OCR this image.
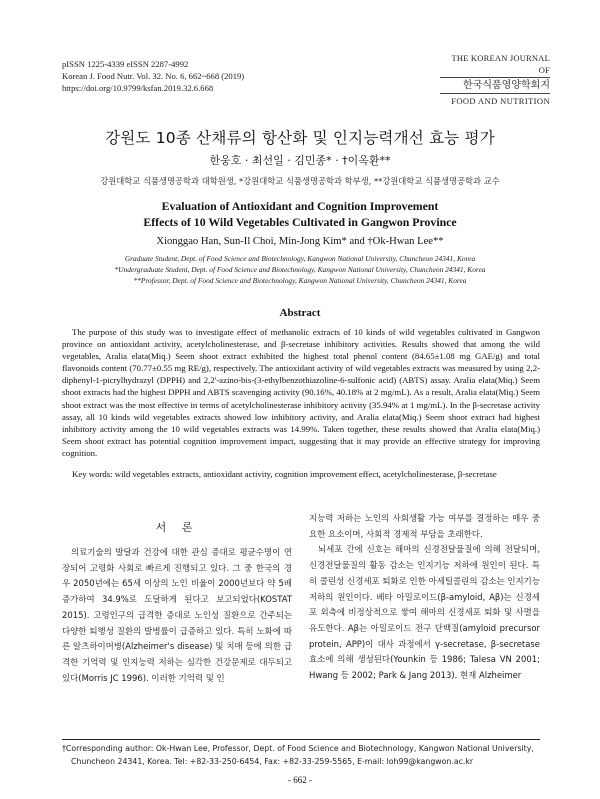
pISSN 1225-4339 eISSN 2287-4992
Korean J. Food Nutr. Vol. 32. No. 6, 662~668 (2019)
https://doi.org/10.9799/ksfan.2019.32.6.668
THE KOREAN JOURNAL OF
한국식품영양학회지
FOOD AND NUTRITION
강원도 10종 산채류의 항산화 및 인지능력개선 효능 평가
한웅호 · 최선일 · 김민종* · †이옥환**
강원대학교 식품생명공학과 대학원생, *강원대학교 식품생명공학과 학부생, **강원대학교 식품생명공학과 교수
Evaluation of Antioxidant and Cognition Improvement
Effects of 10 Wild Vegetables Cultivated in Gangwon Province
Xionggao Han, Sun-Il Choi, Min-Jong Kim* and †Ok-Hwan Lee**
Graduate Student, Dept. of Food Science and Biotechnology, Kangwon National University, Chuncheon 24341, Korea
*Undergraduate Student, Dept. of Food Science and Biotechnology, Kangwon National University, Chuncheon 24341, Korea
**Professor, Dept. of Food Science and Biotechnology, Kangwon National University, Chuncheon 24341, Korea
Abstract
The purpose of this study was to investigate effect of methanolic extracts of 10 kinds of wild vegetables cultivated in Gangwon province on antioxidant activity, acetylcholinesterase, and β-secretase inhibitory activities. Results showed that among the wild vegetables, Aralia elata(Miq.) Seem shoot extract exhibited the highest total phenol content (84.65±1.08 mg GAE/g) and total flavonoids content (70.77±0.55 mg RE/g), respectively. The antioxidant activity of wild vegetables extracts was measured by using 2,2-diphenyl-1-picrylhydrazyl (DPPH) and 2,2'-azino-bis-(3-ethylbenzothiazoline-6-sulfonic acid) (ABTS) assay. Aralia elata(Miq.) Seem shoot extracts had the highest DPPH and ABTS scavenging activity (90.16%, 40.18% at 2 mg/mL). As a result, Aralia elata(Miq.) Seem shoot extract was the most effective in terms of acetylcholinesterase inhibitory activity (35.94% at 1 mg/mL). In the β-secretase activity assay, all 10 kinds wild vegetables extracts showed low inhibitory activity, and Aralia elata(Miq.) Seem shoot extract had highest inhibitory activity among the 10 wild vegetables extracts was 14.99%. Taken together, these results showed that Aralia elata(Miq.) Seem shoot extract has potential cognition improvement impact, suggesting that it may provide an effective strategy for improving cognition.
Key words: wild vegetables extracts, antioxidant activity, cognition improvement effect, acetylcholinesterase, β-secretase
서 론

의료기술의 발달과 건강에 대한 관심 증대로 평균수명이 연장되어 고령화 사회로 빠르게 진행되고 있다. 그 중 한국의 경우 2050년에는 65세 이상의 노인 비율이 2000년보다 약 5배 증가하여 34.9%로 도달하게 된다고 보고되었다(KOSTAT 2015). 고령인구의 급격한 증대로 노인성 질환으로 간주되는 다양한 퇴행성 질환의 발병률이 급증하고 있다. 특히 노화에 따른 알츠하이머병(Alzheimer's disease) 및 치매 등에 의한 급격한 기억력 및 인지능력 저하는 심각한 건강문제로 대두되고 있다(Morris JC 1996). 이러한 기억력 및 인

지능력 저하는 노인의 사회생활 가능 여부를 결정하는 매우 중요한 요소이며, 사회적 경제적 부담을 초래한다.

뇌세포 간에 신호는 해마의 신경전달물질에 의해 전달되며, 신경전달물질의 활동 감소는 인지기능 저하에 원인이 된다. 특히 콜린성 신경세포 퇴화로 인한 아세틸콜린의 감소는 인지기능 저하의 원인이다. 베타 아밀로이드(β-amyloid, Aβ)는 신경세포 외측에 비정상적으로 쌓여 해마의 신경세포 퇴화 및 사멸을 유도한다. Aβ는 아밀로이드 전구 단백질(amyloid precursor protein, APP)이 대사 과정에서 γ-secretase, β-secretase 효소에 의해 생성된다(Younkin 등 1986; Talesa VN 2001; Hwang 등 2002; Park & Jang 2013). 현재 Alzheimer

†Corresponding author: Ok-Hwan Lee, Professor, Dept. of Food Science and Biotechnology, Kangwon National University,
Chuncheon 24341, Korea. Tel: +82-33-250-6454, Fax: +82-33-259-5565, E-mail: loh99@kangwon.ac.kr
- 662 -
